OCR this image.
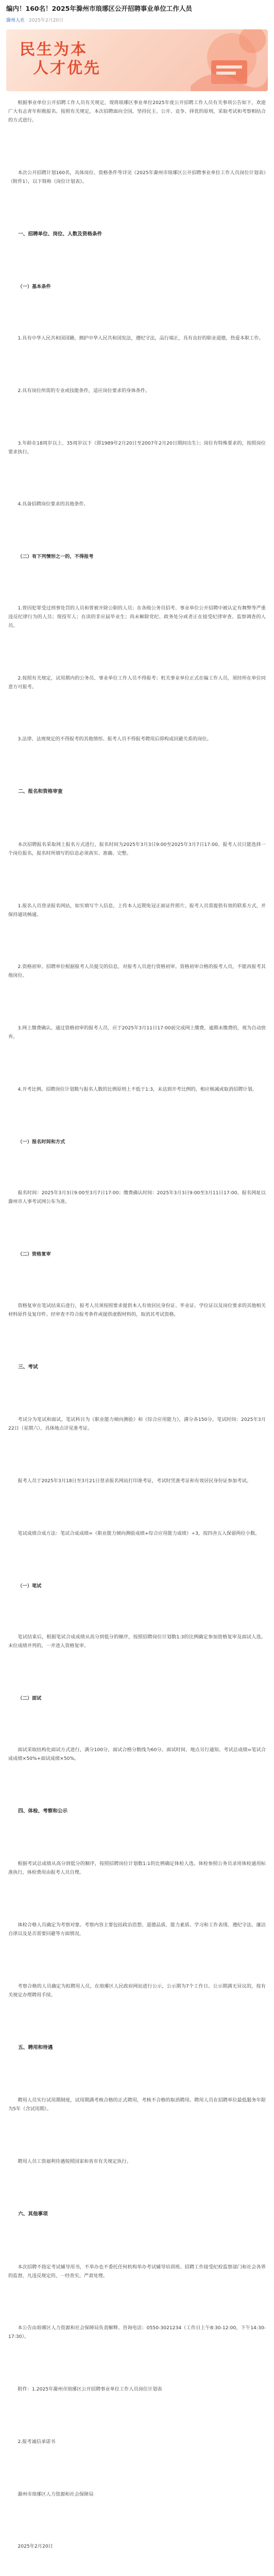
编内！160名！2025年滁州市琅琊区公开招聘事业单位工作人员
滁州人社 2025年2月20日
民生为本
人才优先
根据事业单位公开招聘工作人员有关规定，现将琅琊区事业单位2025年度公开招聘工作人员有关事项公告如下，欢迎广大有志青年积极报名。按照有关规定，本次招聘面向全国，坚持民主、公开、竞争、择优的原则，采取考试和考察相结合的方式进行。
本次公开招聘计划160名，具体岗位、资格条件等详见《2025年滁州市琅琊区公开招聘事业单位工作人员岗位计划表》（附件1），以下简称《岗位计划表》。
一、招聘单位、岗位、人数及资格条件
（一）基本条件
1.具有中华人民共和国国籍，拥护中华人民共和国宪法，遵纪守法，品行端正，具有良好的职业道德，热爱本职工作。
2.具有岗位所需的专业或技能条件，适应岗位要求的身体条件。
3.年龄在18周岁以上、35周岁以下（即1989年2月20日至2007年2月20日期间出生）；岗位有特殊要求的，按照岗位要求执行。
4.具备招聘岗位要求的其他条件。
（二）有下列情形之一的，不得报考
1.曾因犯罪受过刑事处罚的人员和曾被开除公职的人员；在各级公务员招考、事业单位公开招聘中被认定有舞弊等严重违反纪律行为的人员；现役军人；在读的非应届毕业生；尚未解除党纪、政务处分或者正在接受纪律审查、监察调查的人员。
2.按照有关规定，试用期内的公务员、事业单位工作人员不得报考；机关事业单位正式在编工作人员，须经所在单位同意方可报考。
3.法律、法规规定的不得报考的其他情形。报考人员不得报考聘用后即构成回避关系的岗位。
二、报名和资格审查
本次招聘报名采取网上报名方式进行，报名时间为2025年3月3日9:00至2025年3月7日17:00。报考人员只能选择一个岗位报名，报名时所填写的信息必须真实、准确、完整。
1.报名人员登录报名网站，如实填写个人信息，上传本人近期免冠正面证件照片。报考人员需提供有效的联系方式，并保持通讯畅通。
2.资格初审。招聘单位根据报考人员提交的信息，对报考人员进行资格初审。资格初审合格的报考人员，不能再报考其他岗位。
3.网上缴费确认。通过资格初审的报考人员，应于2025年3月11日17:00前完成网上缴费，逾期未缴费的，视为自动放弃。
4.开考比例。招聘岗位计划数与报名人数的比例原则上不低于1:3，未达到开考比例的，相应核减或取消招聘计划。
（一）报名时间和方式
报名时间：2025年3月3日9:00至3月7日17:00；缴费确认时间：2025年3月3日9:00至3月11日17:00。报名网址以滁州市人事考试网公布为准。
（二）资格复审
资格复审在笔试结束后进行，报考人员须按照要求提供本人有效居民身份证、毕业证、学位证以及岗位要求的其他相关材料原件及复印件。经审查不符合报考条件或提供虚假材料的，取消其考试资格。
三、考试
考试分为笔试和面试。笔试科目为《职业能力倾向测验》和《综合应用能力》，满分各150分。笔试时间：2025年3月22日（星期六），具体地点详见准考证。
报考人员于2025年3月18日至3月21日登录报名网站打印准考证，考试时凭准考证和有效居民身份证参加考试。
笔试成绩合成方法：笔试合成成绩=（职业能力倾向测验成绩+综合应用能力成绩）÷3，按四舍五入保留两位小数。
（一）笔试
笔试结束后，根据笔试合成成绩从高分到低分的顺序，按照招聘岗位计划数1:3的比例确定参加资格复审及面试人选。末位成绩并列的，一并进入资格复审。
（二）面试
面试采取结构化面试方式进行，满分100分，面试合格分数线为60分。面试时间、地点另行通知。考试总成绩=笔试合成成绩×50%+面试成绩×50%。
四、体检、考察和公示
根据考试总成绩从高分到低分的顺序，按照招聘岗位计划数1:1的比例确定体检人选。体检参照公务员录用体检通用标准执行，体检费用由报考人员自理。
体检合格人员确定为考察对象。考察内容主要包括政治思想、道德品质、能力素质、学习和工作表现、遵纪守法、廉洁自律以及是否需要回避等方面情况。
考察合格的人员确定为拟聘用人员，在琅琊区人民政府网站进行公示，公示期为7个工作日。公示期满无异议的，按有关规定办理聘用手续。
五、聘用和待遇
聘用人员实行试用期制度，试用期满考核合格的正式聘用，考核不合格的取消聘用。聘用人员在招聘单位最低服务年限为5年（含试用期）。
聘用人员工资福利待遇按照国家和省市有关规定执行。
六、其他事项
本次招聘不指定考试辅导用书，不举办也不委托任何机构举办考试辅导培训班。招聘工作接受纪检监察部门和社会各界的监督，凡违反规定的，一经查实，严肃处理。
本公告由琅琊区人力资源和社会保障局负责解释。咨询电话：0550-3021234（工作日上午8:30-12:00，下午14:30-17:30）。
附件：1.2025年滁州市琅琊区公开招聘事业单位工作人员岗位计划表
2.报考诚信承诺书
滁州市琅琊区人力资源和社会保障局
2025年2月20日
